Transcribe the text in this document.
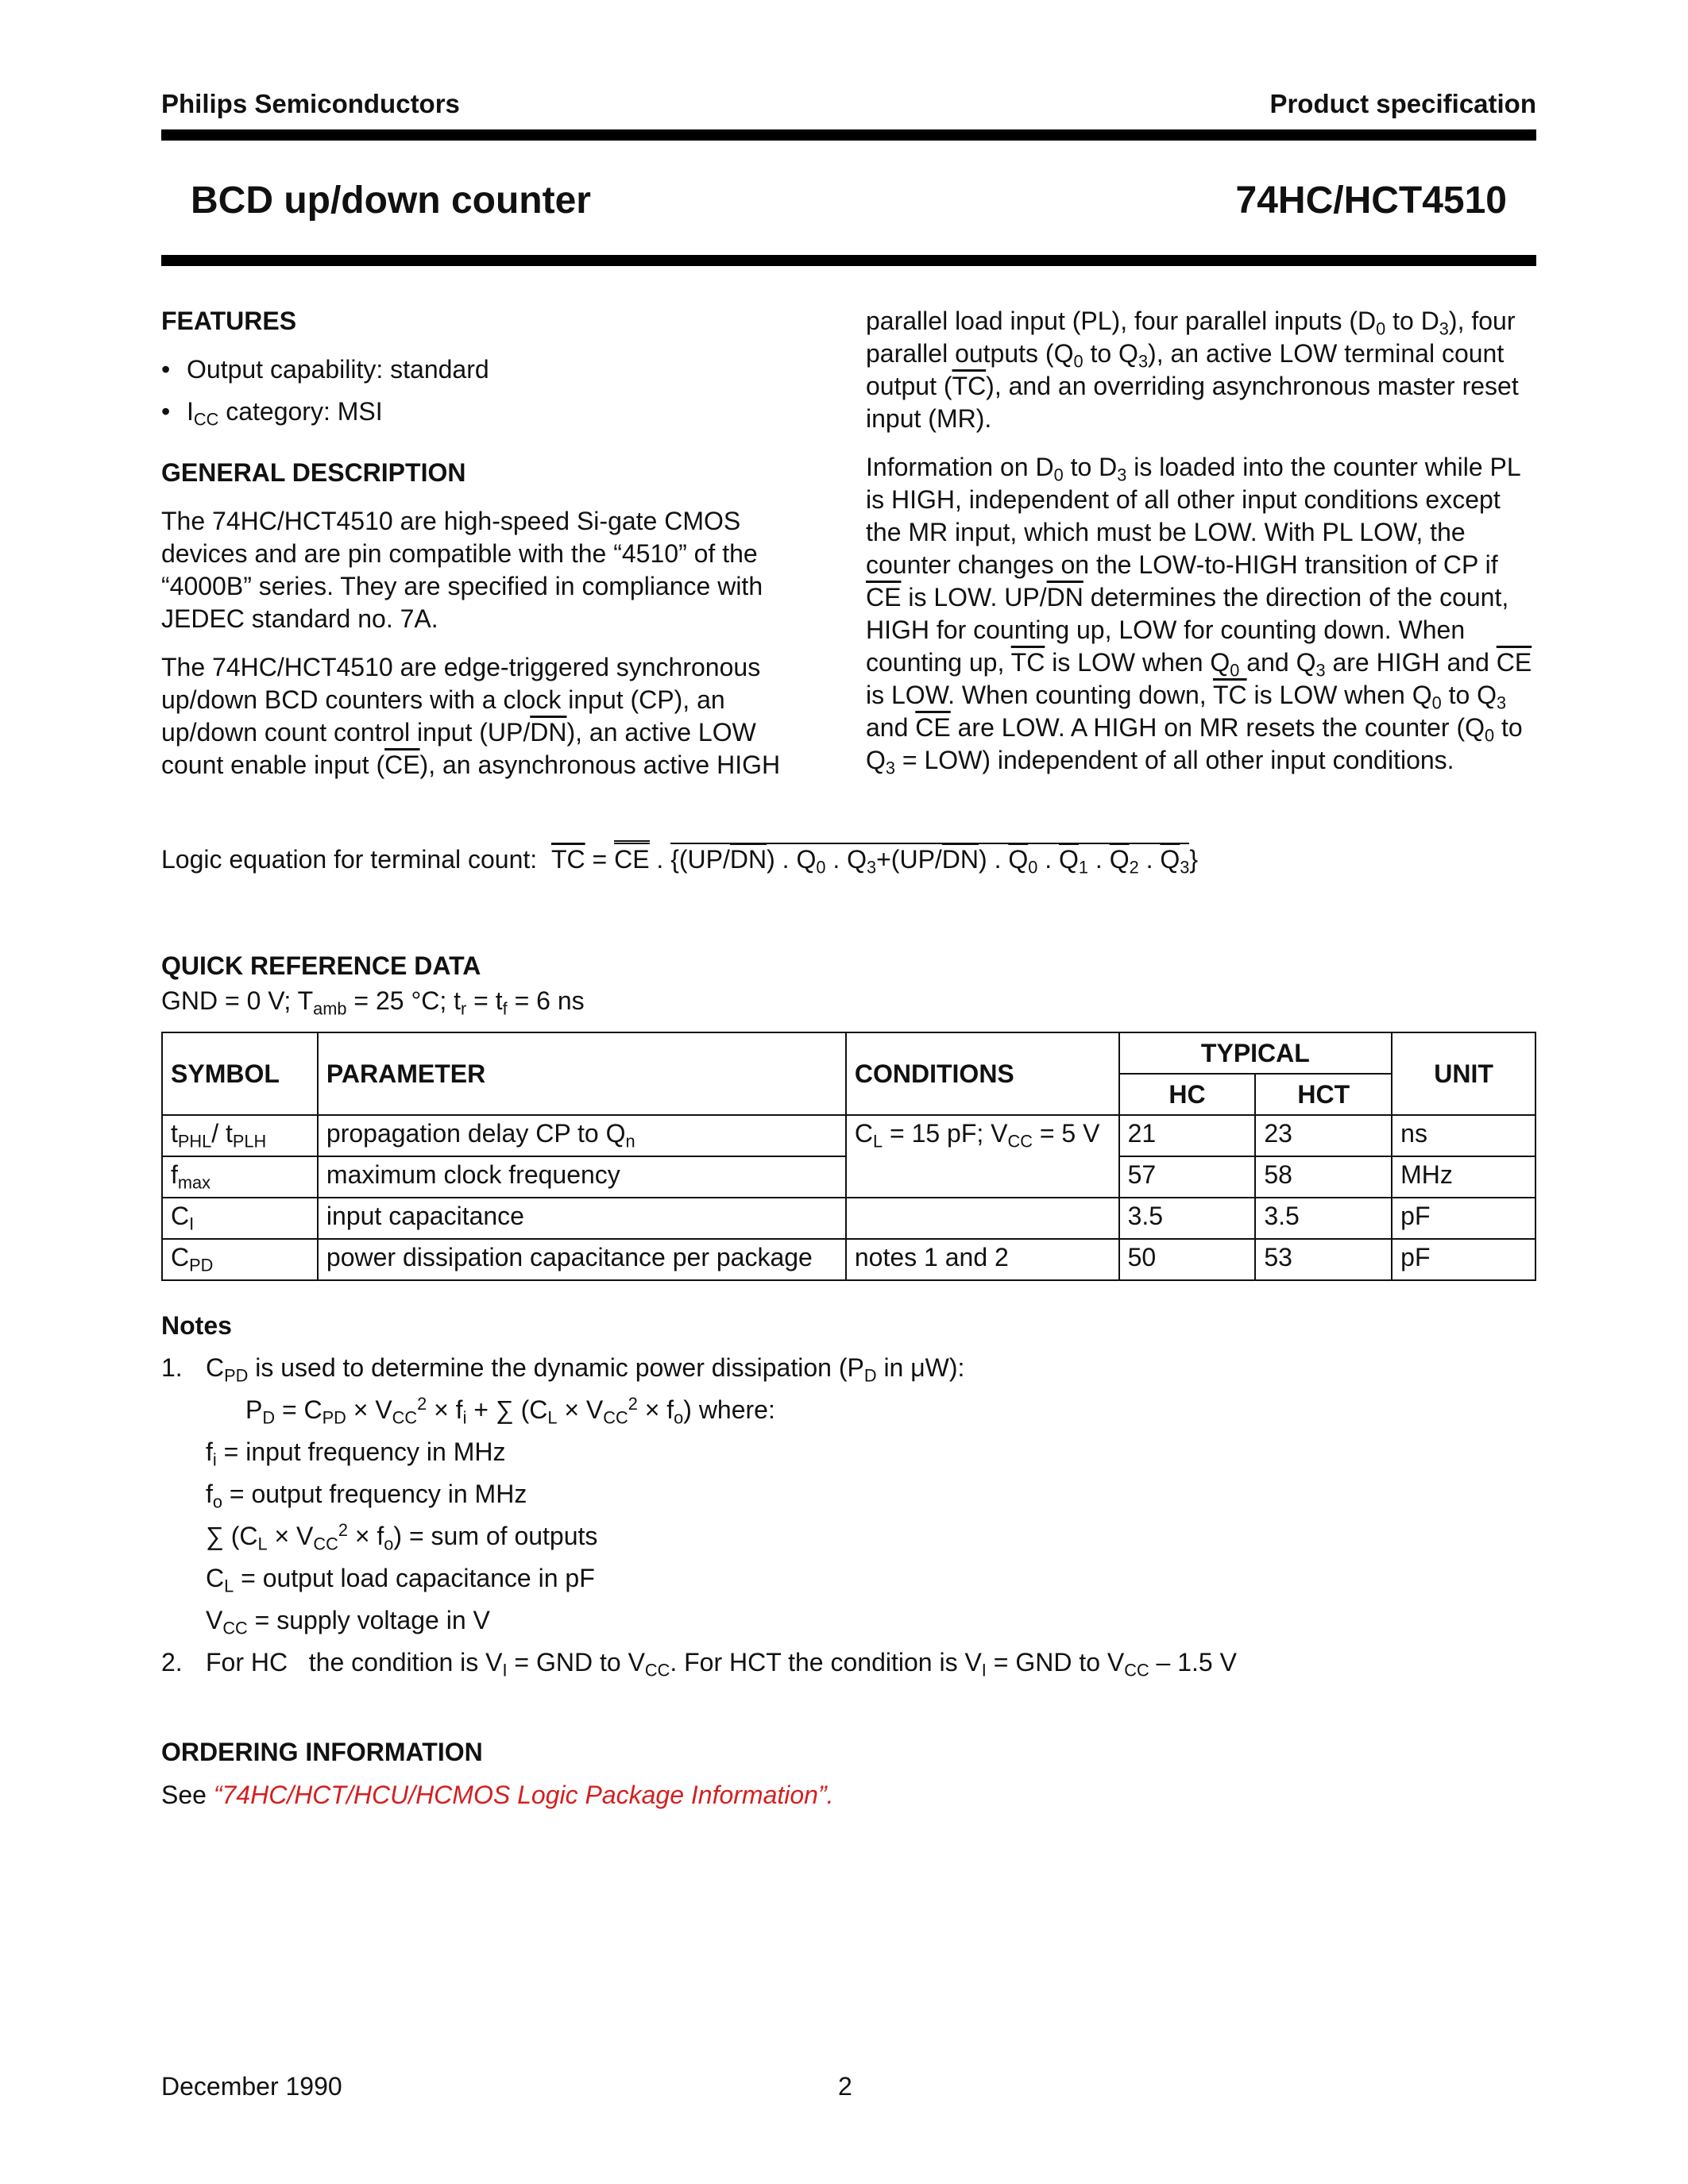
Philips Semiconductors	Product specification
BCD up/down counter	74HC/HCT4510
FEATURES
• Output capability: standard
• $I_{CC}$ category: MSI
GENERAL DESCRIPTION

The 74HC/HCT4510 are high-speed Si-gate CMOS devices and are pin compatible with the “4510” of the “4000B” series. They are specified in compliance with JEDEC standard no. 7A.

The 74HC/HCT4510 are edge-triggered synchronous up/down BCD counters with a clock input (CP), an up/down count control input $(UP/\overline{DN})$, an active LOW count enable input $(\overline{CE})$, an asynchronous active HIGH

parallel load input (PL), four parallel inputs ($D_0$ to $D_3$), four parallel outputs ($Q_0$ to $Q_3$), an active LOW terminal count output $(\overline{TC})$, and an overriding asynchronous master reset input (MR).

Information on $D_0$ to $D_3$ is loaded into the counter while PL is HIGH, independent of all other input conditions except the MR input, which must be LOW. With PL LOW, the counter changes on the LOW-to-HIGH transition of CP if $\overline{CE}$ is LOW. $UP/\overline{DN}$ determines the direction of the count, HIGH for counting up, LOW for counting down. When counting up, $\overline{TC}$ is LOW when $Q_0$ and $Q_3$ are HIGH and $\overline{CE}$ is LOW. When counting down, $\overline{TC}$ is LOW when $Q_0$ to $Q_3$ and $\overline{CE}$ are LOW. A HIGH on MR resets the counter ($Q_0$ to $Q_3 = LOW$) independent of all other input conditions.

Logic equation for terminal count: $\overline{TC}$ = CE . {$(UP/\overline{DN})$ . $Q_0$ . $Q_3+(UP/\overline{DN})$ . $\overline{Q}_0$ . $\overline{Q}_1$ . $\overline{Q}_2$ . $\overline{Q}_3$}
QUICK REFERENCE DATA
GND = 0 V; $T_{amb} = 25$ °C; $t_r = t_f = 6$ ns
SYMBOL	PARAMETER	CONDITIONS	TYPICAL		UNIT
			HC	HCT	
$t_{PHL}/$ $t_{PLH}$	propagation delay CP to $Q_n$	$C_L = 15$ pF; $V_{CC} = 5$ V	21	23	ns
$f_{max}$	maximum clock frequency		57	58	MHz
$C_I$	input capacitance		3.5	3.5	pF
$C_{PD}$	power dissipation capacitance per package	notes 1 and 2	50	53	pF
Notes
1. $C_{PD}$ is used to determine the dynamic power dissipation ($P_D$ in μW):
$P_D = C_{PD} \times V_{CC}^2 \times f_i$ + ∑ $(C_L \times V_{CC}^2 \times f_o)$ where:
$f_i$ = input frequency in MHz
$f_o$ = output frequency in MHz
∑ $(C_L \times V_{CC}^2 \times f_o)$ = sum of outputs
$C_L$ = output load capacitance in pF
$V_{CC}$ = supply voltage in V
2. For HC   the condition is $V_I$ = GND to $V_{CC}$. For HCT the condition is $V_I$ = GND to $V_{CC} - 1.5$ V
ORDERING INFORMATION
See “74HC/HCT/HCU/HCMOS Logic Package Information”.
December 1990	2
